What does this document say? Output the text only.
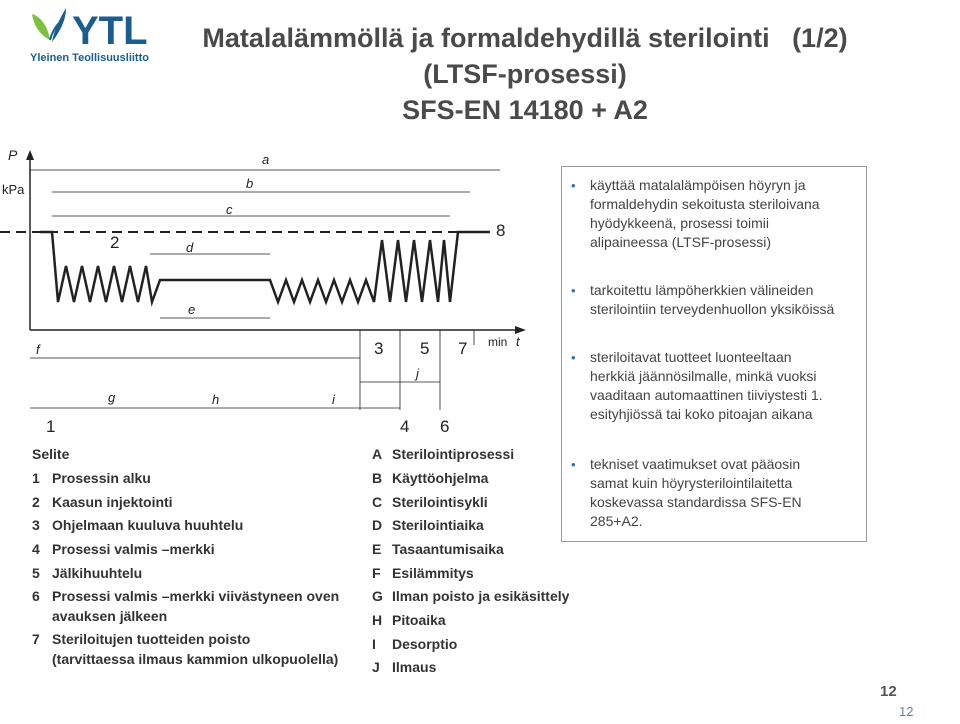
YTL
Yleinen Teollisuusliitto
Matalalämmöllä ja formaldehydillä sterilointi   (1/2)
(LTSF-prosessi)
SFS-EN 14180 + A2
P
kPa
min t
a
b
c
d
e
f
g	h	i
j
2
8
1
3 5 7
4 6
Selite
1 Prosessin alku
2 Kaasun injektointi
3 Ohjelmaan kuuluva huuhtelu
4 Prosessi valmis –merkki
5 Jälkihuuhtelu
6 Prosessi valmis –merkki viivästyneen oven
avauksen jälkeen
7 Steriloitujen tuotteiden poisto
(tarvittaessa ilmaus kammion ulkopuolella)
A Sterilointiprosessi
B Käyttöohjelma
C Sterilointisykli
D Sterilointiaika
E Tasaantumisaika
F Esilämmitys
G Ilman poisto ja esikäsittely
H Pitoaika
I Desorptio
J Ilmaus
• käyttää matalalämpöisen höyryn ja
formaldehydin sekoitusta steriloivana
hyödykkeenä, prosessi toimii
alipaineessa (LTSF-prosessi)
• tarkoitettu lämpöherkkien välineiden
sterilointiin terveydenhuollon yksiköissä
• steriloitavat tuotteet luonteeltaan
herkkiä jäännösilmalle, minkä vuoksi
vaaditaan automaattinen tiiviystesti 1.
esityhjiössä tai koko pitoajan aikana
• tekniset vaatimukset ovat pääosin
samat kuin höyrysterilointilaitetta
koskevassa standardissa SFS-EN
285+A2.
12
12
